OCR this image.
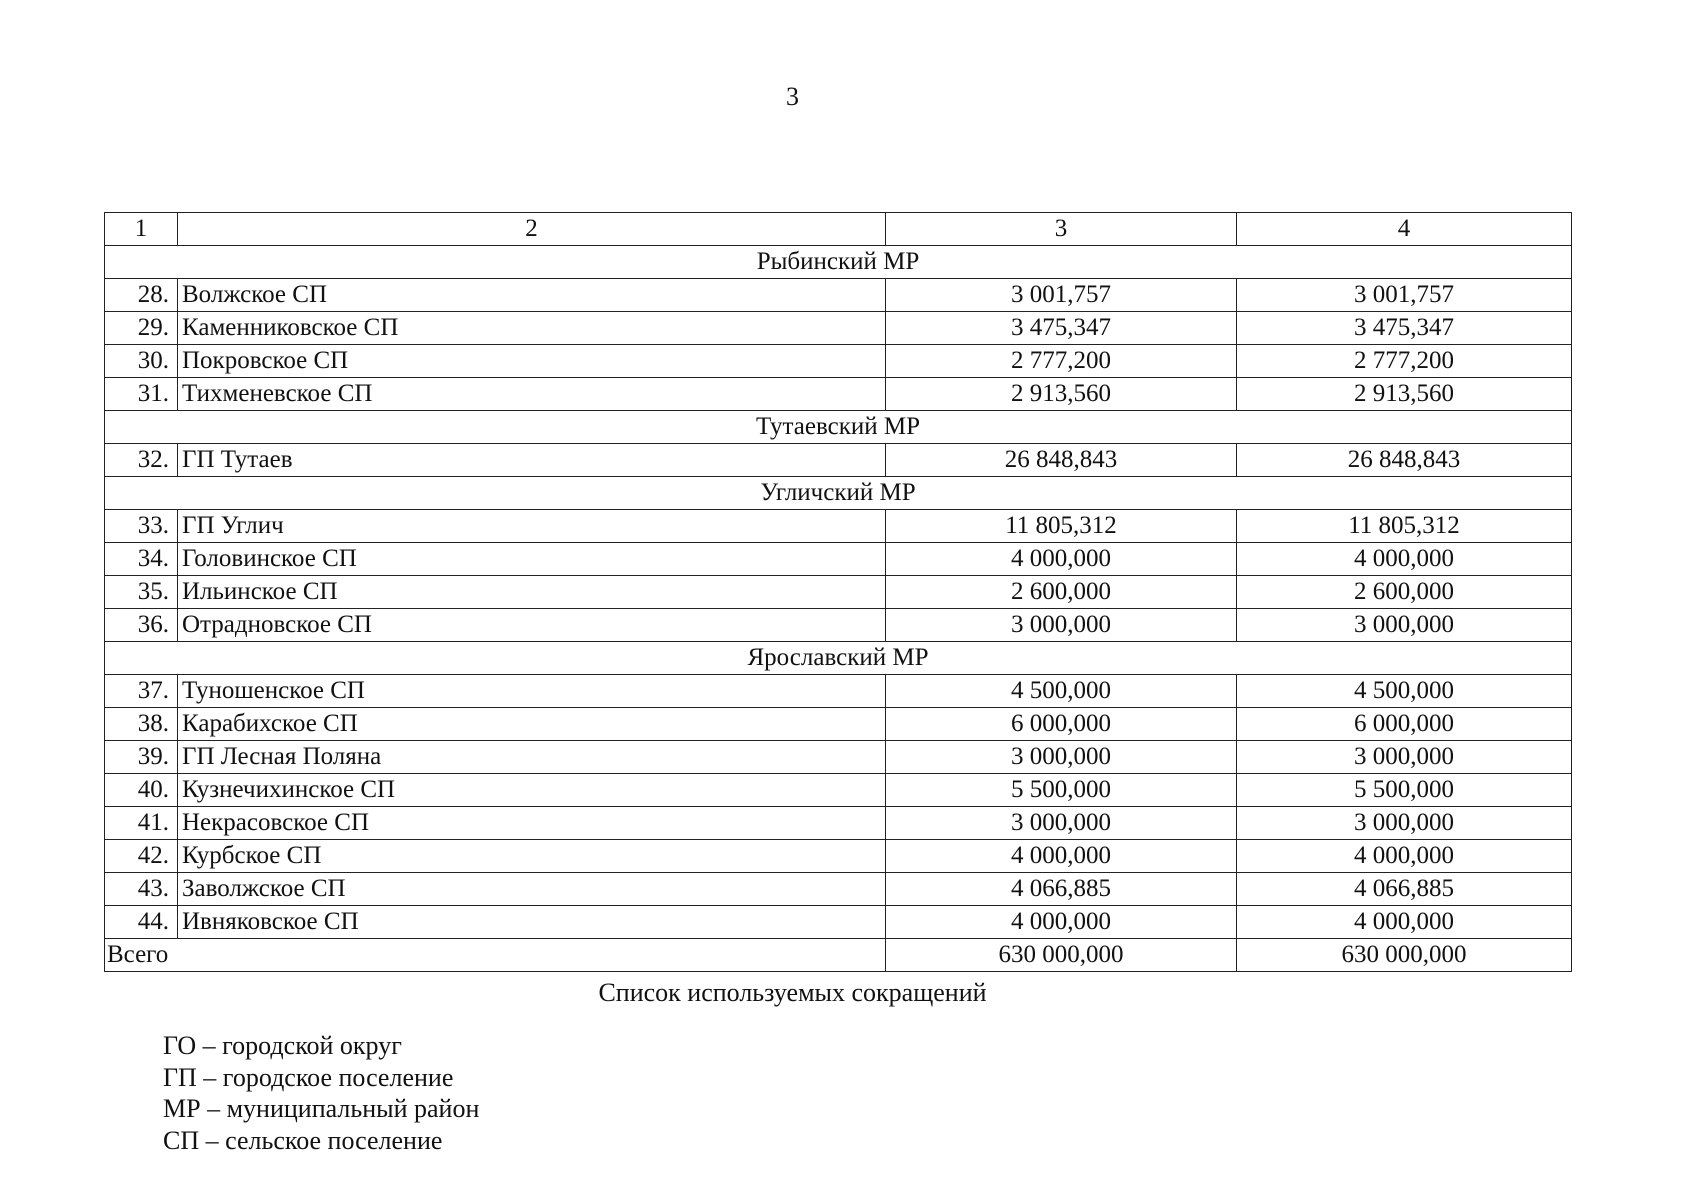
3
1	2	3	4
Рыбинский МР			
28.	Волжское СП	3 001,757	3 001,757
29.	Каменниковское СП	3 475,347	3 475,347
30.	Покровское СП	2 777,200	2 777,200
31.	Тихменевское СП	2 913,560	2 913,560
Тутаевский МР			
32.	ГП Тутаев	26 848,843	26 848,843
Угличский МР			
33.	ГП Углич	11 805,312	11 805,312
34.	Головинское СП	4 000,000	4 000,000
35.	Ильинское СП	2 600,000	2 600,000
36.	Отрадновское СП	3 000,000	3 000,000
Ярославский МР			
37.	Туношенское СП	4 500,000	4 500,000
38.	Карабихское СП	6 000,000	6 000,000
39.	ГП Лесная Поляна	3 000,000	3 000,000
40.	Кузнечихинское СП	5 500,000	5 500,000
41.	Некрасовское СП	3 000,000	3 000,000
42.	Курбское СП	4 000,000	4 000,000
43.	Заволжское СП	4 066,885	4 066,885
44.	Ивняковское СП	4 000,000	4 000,000
Всего		630 000,000	630 000,000
Список используемых сокращений
ГО – городской округ
ГП – городское поселение
МР – муниципальный район
СП – сельское поселение
